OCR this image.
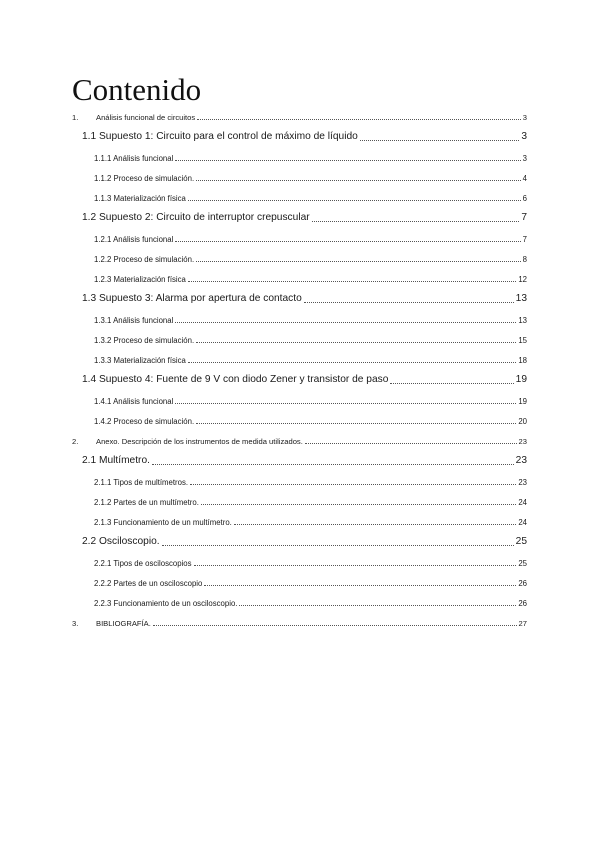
Contenido
1.	Análisis funcional de circuitos	3
1.1 Supuesto 1: Circuito para el control de máximo de líquido	3
1.1.1 Análisis funcional	3
1.1.2 Proceso de simulación.	4
1.1.3 Materialización física	6
1.2 Supuesto 2: Circuito de interruptor crepuscular	7
1.2.1 Análisis funcional	7
1.2.2 Proceso de simulación.	8
1.2.3 Materialización física	12
1.3 Supuesto 3: Alarma por apertura de contacto	13
1.3.1 Análisis funcional	13
1.3.2 Proceso de simulación.	15
1.3.3 Materialización física	18
1.4 Supuesto 4: Fuente de 9 V con diodo Zener y transistor de paso	19
1.4.1 Análisis funcional	19
1.4.2 Proceso de simulación.	20
2.	Anexo. Descripción de los instrumentos de medida utilizados.	23
2.1 Multímetro.	23
2.1.1 Tipos de multímetros.	23
2.1.2 Partes de un multímetro.	24
2.1.3 Funcionamiento de un multímetro.	24
2.2 Osciloscopio.	25
2.2.1 Tipos de osciloscopios	25
2.2.2 Partes de un osciloscopio	26
2.2.3 Funcionamiento de un osciloscopio.	26
3.	BIBLIOGRAFÍA.	27
